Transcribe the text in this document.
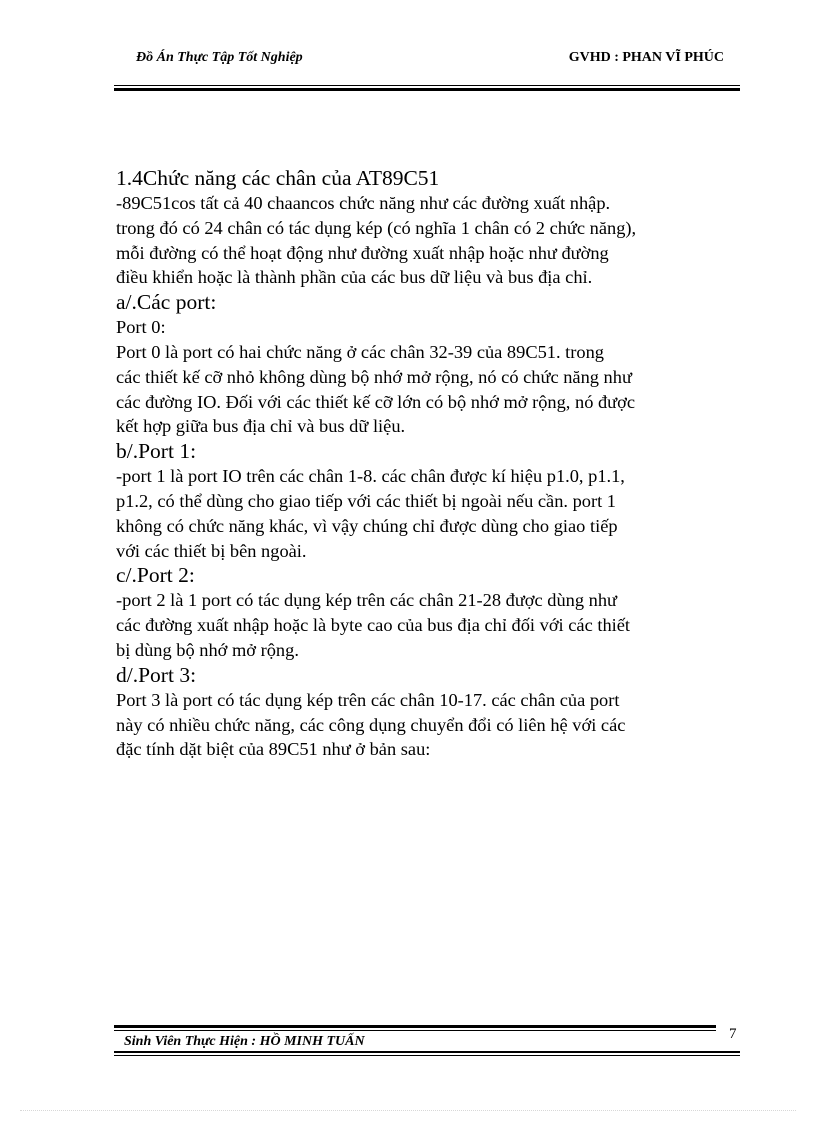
Đồ Án Thực Tập Tốt Nghiệp	GVHD : PHAN VĨ PHÚC

1.4Chức năng các chân của AT89C51

-89C51cos tất cả 40 chaancos chức năng như các đường xuất nhập.

trong đó có 24 chân có tác dụng kép (có nghĩa 1 chân có 2 chức năng),

mỗi đường có thể hoạt động như đường xuất nhập hoặc như đường

điều khiển hoặc là thành phần của các bus dữ liệu và bus địa chỉ.

a/.Các port:

Port 0:

Port 0 là port có hai chức năng ở các chân 32-39 của 89C51. trong

các thiết kế cỡ nhỏ không dùng bộ nhớ mở rộng, nó có chức năng như

các đường IO. Đối với các thiết kế cỡ lớn có bộ nhớ mở rộng, nó được

kết hợp giữa bus địa chỉ và bus dữ liệu.

b/.Port 1:

-port 1 là port IO trên các chân 1-8. các chân được kí hiệu p1.0, p1.1,

p1.2, có thể dùng cho giao tiếp với các thiết bị ngoài nếu cần. port 1

không có chức năng khác, vì vậy chúng chỉ được dùng cho giao tiếp

với các thiết bị bên ngoài.

c/.Port 2:

-port 2 là 1 port có tác dụng kép trên các chân 21-28 được dùng như

các đường xuất nhập hoặc là byte cao của bus địa chỉ đối với các thiết

bị dùng bộ nhớ mở rộng.

d/.Port 3:

Port 3 là port có tác dụng kép trên các chân 10-17. các chân của port

này có nhiều chức năng, các công dụng chuyển đổi có liên hệ với các

đặc tính dặt biệt của 89C51 như ở bản sau:

7
Sinh Viên Thực Hiện : HỒ MINH TUẤN
